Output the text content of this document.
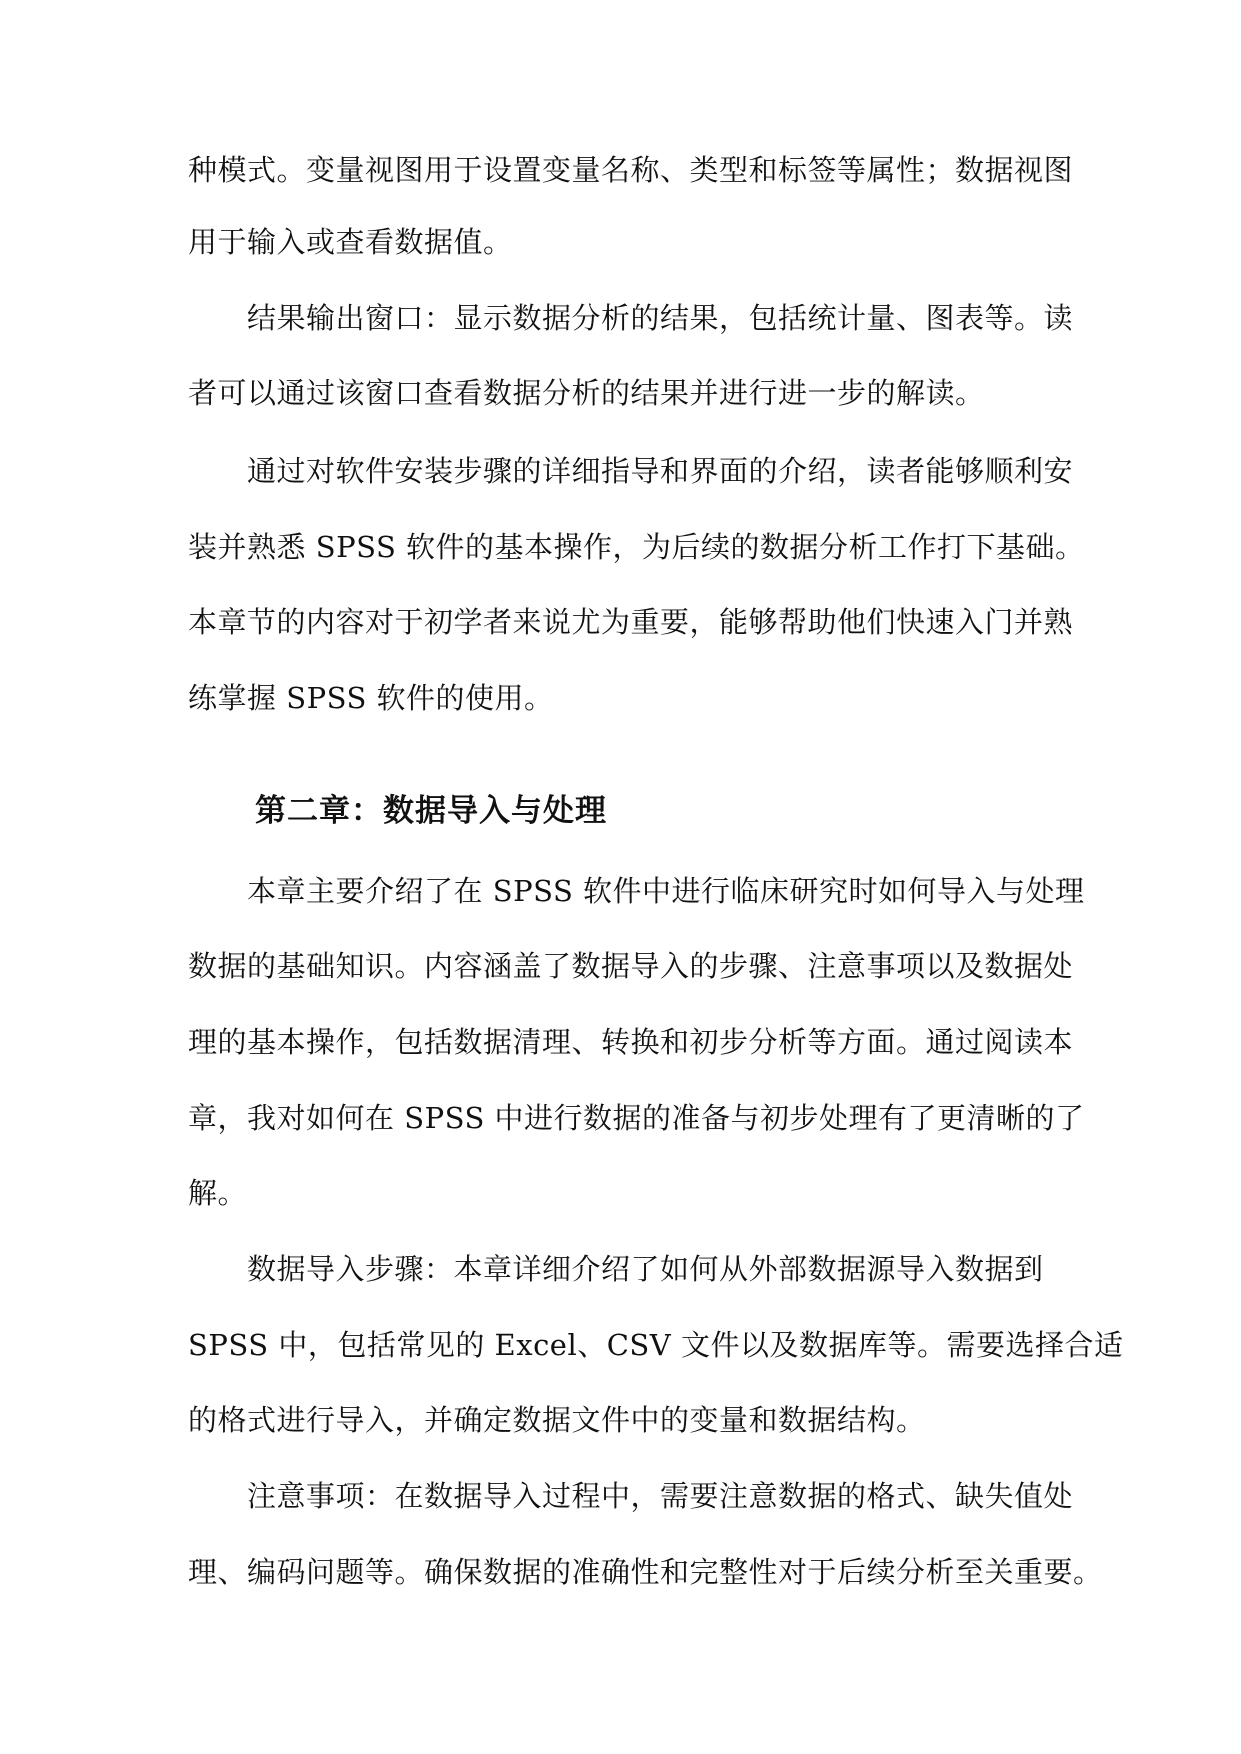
种模式。变量视图用于设置变量名称、类型和标签等属性；数据视图
用于输入或查看数据值。
结果输出窗口：显示数据分析的结果，包括统计量、图表等。读
者可以通过该窗口查看数据分析的结果并进行进一步的解读。
通过对软件安装步骤的详细指导和界面的介绍，读者能够顺利安
装并熟悉 SPSS 软件的基本操作，为后续的数据分析工作打下基础。
本章节的内容对于初学者来说尤为重要，能够帮助他们快速入门并熟
练掌握 SPSS 软件的使用。
第二章：数据导入与处理
本章主要介绍了在 SPSS 软件中进行临床研究时如何导入与处理
数据的基础知识。内容涵盖了数据导入的步骤、注意事项以及数据处
理的基本操作，包括数据清理、转换和初步分析等方面。通过阅读本
章，我对如何在 SPSS 中进行数据的准备与初步处理有了更清晰的了
解。
数据导入步骤：本章详细介绍了如何从外部数据源导入数据到
SPSS 中，包括常见的 Excel、CSV 文件以及数据库等。需要选择合适
的格式进行导入，并确定数据文件中的变量和数据结构。
注意事项：在数据导入过程中，需要注意数据的格式、缺失值处
理、编码问题等。确保数据的准确性和完整性对于后续分析至关重要。
